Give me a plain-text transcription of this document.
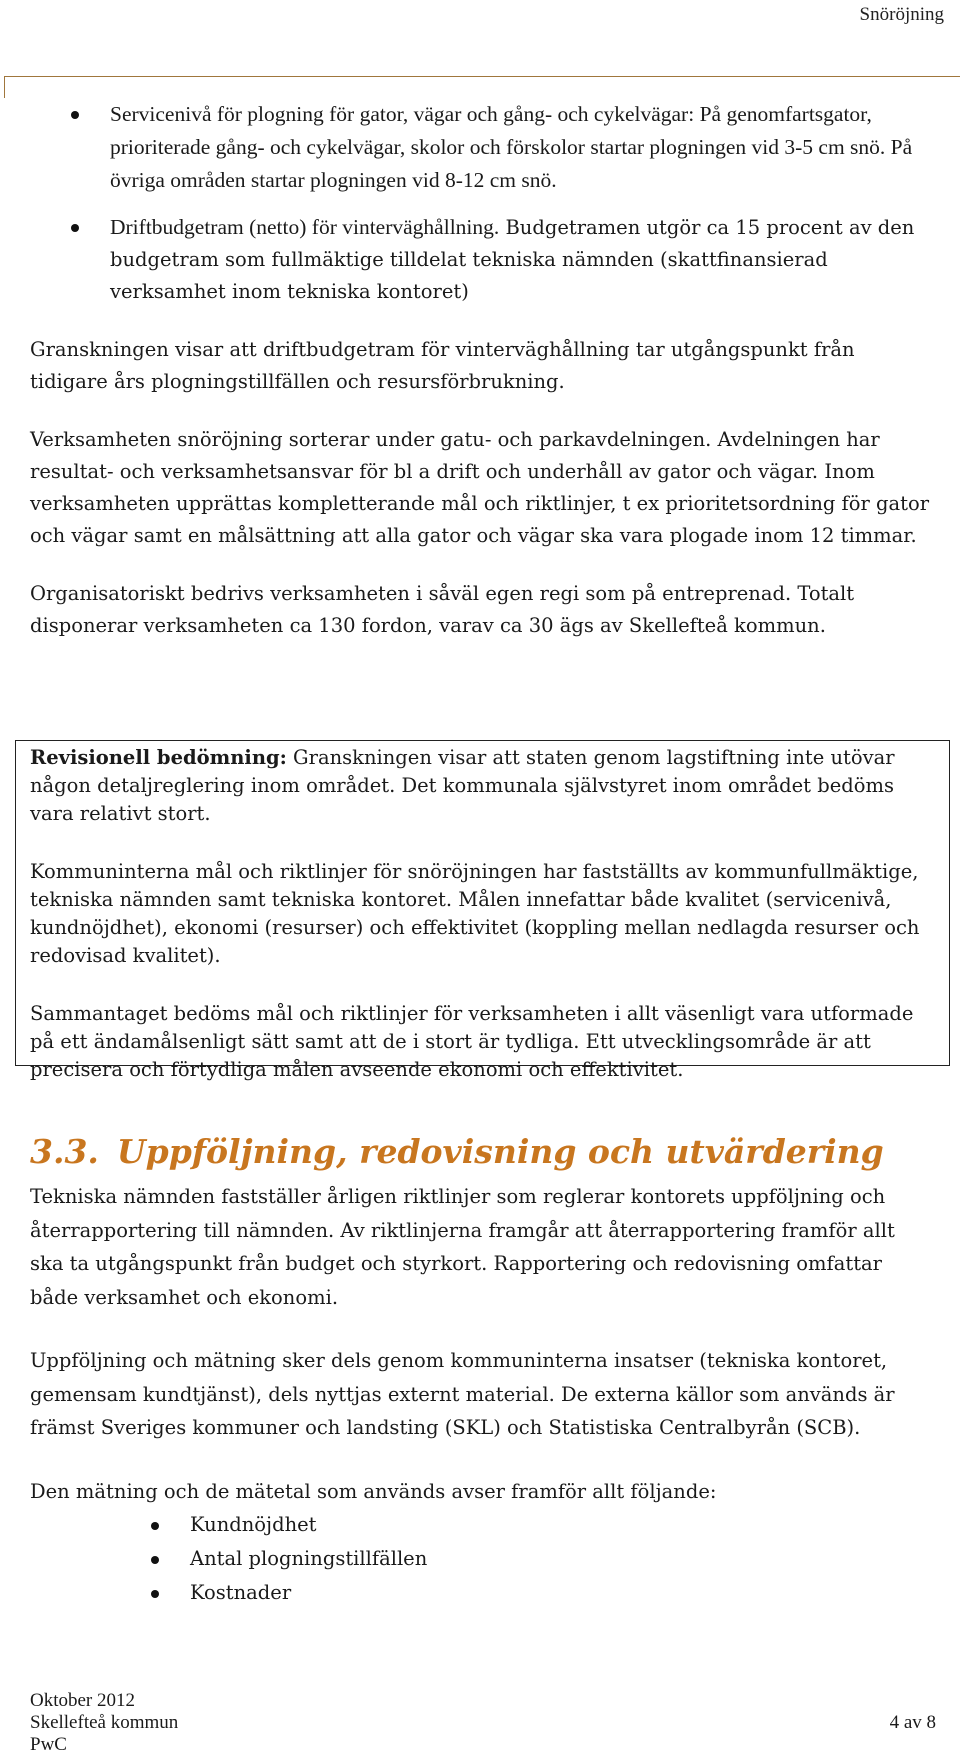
Snöröjning
Servicenivå för plogning för gator, vägar och gång- och cykelvägar: På genomfartsgator, prioriterade gång- och cykelvägar, skolor och förskolor startar plogningen vid 3-5 cm snö. På övriga områden startar plogningen vid 8-12 cm snö.
Driftbudgetram (netto) för vinterväghållning. Budgetramen utgör ca 15 procent av den budgetram som fullmäktige tilldelat tekniska nämnden (skattfinansierad verksamhet inom tekniska kontoret)

Granskningen visar att driftbudgetram för vinterväghållning tar utgångspunkt från tidigare års plogningstillfällen och resursförbrukning.

Verksamheten snöröjning sorterar under gatu- och parkavdelningen. Avdelningen har resultat- och verksamhetsansvar för bl a drift och underhåll av gator och vägar. Inom verksamheten upprättas kompletterande mål och riktlinjer, t ex prioritetsordning för gator och vägar samt en målsättning att alla gator och vägar ska vara plogade inom 12 timmar.

Organisatoriskt bedrivs verksamheten i såväl egen regi som på entreprenad. Totalt disponerar verksamheten ca 130 fordon, varav ca 30 ägs av Skellefteå kommun.

Revisionell bedömning: Granskningen visar att staten genom lagstiftning inte utövar någon detaljreglering inom området. Det kommunala självstyret inom området bedöms vara relativt stort.

Kommuninterna mål och riktlinjer för snöröjningen har fastställts av kommunfullmäktige, tekniska nämnden samt tekniska kontoret. Målen innefattar både kvalitet (servicenivå, kundnöjdhet), ekonomi (resurser) och effektivitet (koppling mellan nedlagda resurser och redovisad kvalitet).

Sammantaget bedöms mål och riktlinjer för verksamheten i allt väsenligt vara utformade på ett ändamålsenligt sätt samt att de i stort är tydliga. Ett utvecklingsområde är att precisera och förtydliga målen avseende ekonomi och effektivitet.

3.3. Uppföljning, redovisning och utvärdering

Tekniska nämnden fastställer årligen riktlinjer som reglerar kontorets uppföljning och återrapportering till nämnden. Av riktlinjerna framgår att återrapportering framför allt ska ta utgångspunkt från budget och styrkort. Rapportering och redovisning omfattar både verksamhet och ekonomi.

Uppföljning och mätning sker dels genom kommuninterna insatser (tekniska kontoret, gemensam kundtjänst), dels nyttjas externt material. De externa källor som används är främst Sveriges kommuner och landsting (SKL) och Statistiska Centralbyrån (SCB).

Den mätning och de mätetal som används avser framför allt följande:

Kundnöjdhet
Antal plogningstillfällen
Kostnader
Oktober 2012
Skellefteå kommun
PwC
4 av 8
